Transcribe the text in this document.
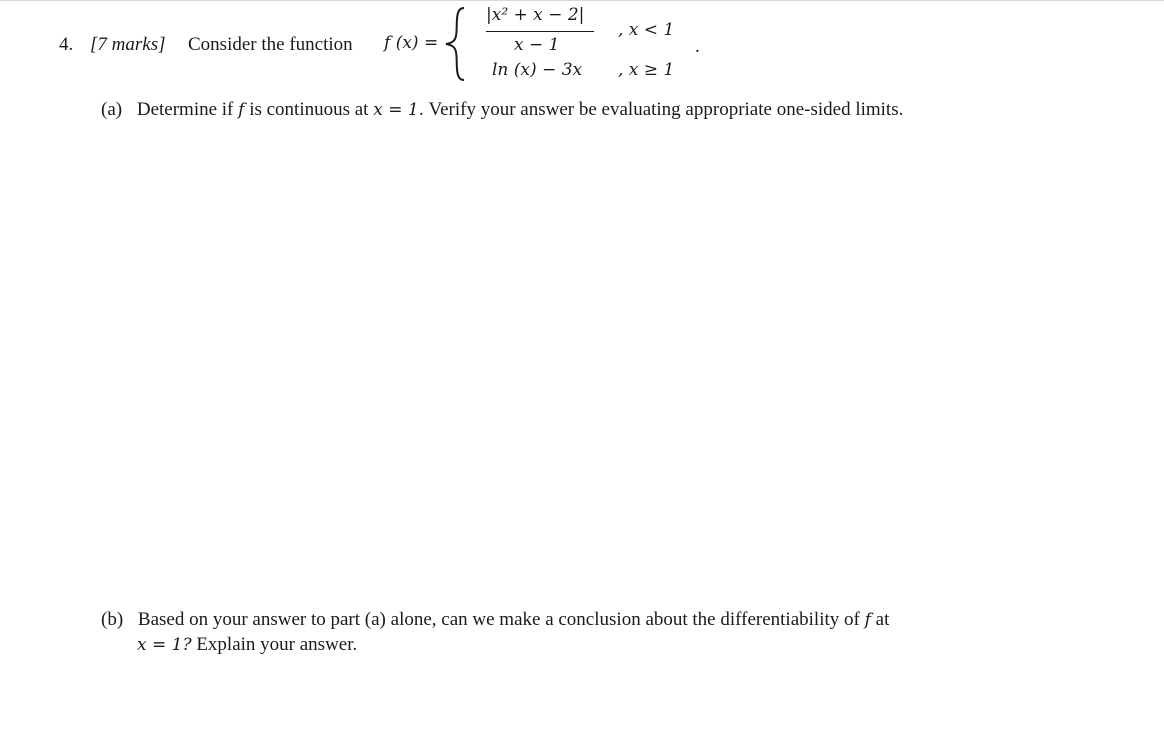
4. [7 marks] Consider the function f (x) =
|x² + x − 2|
x − 1
, x < 1
ln (x) − 3x , x ≥ 1
.
(a) Determine if f is continuous at x = 1. Verify your answer be evaluating appropriate one-sided limits.
(b) Based on your answer to part (a) alone, can we make a conclusion about the differentiability of f at
x = 1? Explain your answer.
